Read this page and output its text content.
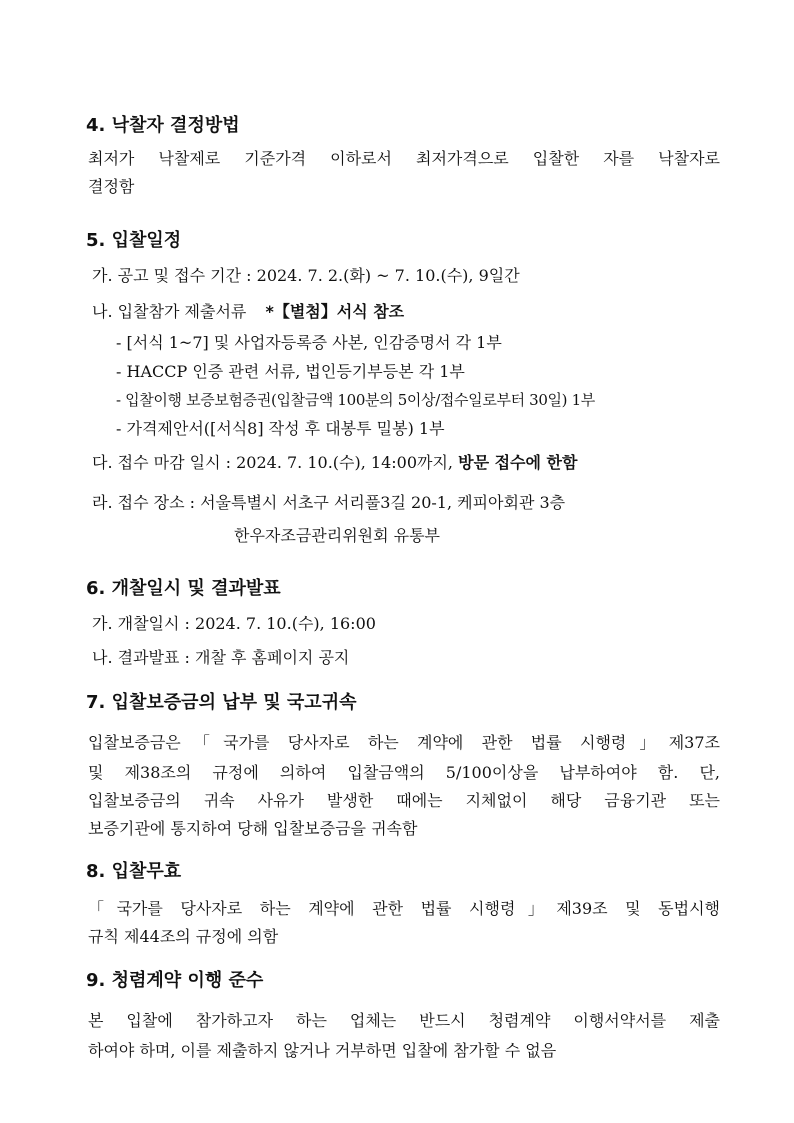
4. 낙찰자 결정방법

최저가 낙찰제로 기준가격 이하로서 최저가격으로 입찰한 자를 낙찰자로

결정함

5. 입찰일정

가. 공고 및 접수 기간 : 2024. 7. 2.(화) ~ 7. 10.(수), 9일간

나. 입찰참가 제출서류 *【별첨】서식 참조

- [서식 1~7] 및 사업자등록증 사본, 인감증명서 각 1부

- HACCP 인증 관련 서류, 법인등기부등본 각 1부

- 입찰이행 보증보험증권(입찰금액 100분의 5이상/접수일로부터 30일) 1부

- 가격제안서([서식8] 작성 후 대봉투 밀봉) 1부

다. 접수 마감 일시 : 2024. 7. 10.(수), 14:00까지, 방문 접수에 한함

라. 접수 장소 : 서울특별시 서초구 서리풀3길 20-1, 케피아회관 3층

한우자조금관리위원회 유통부

6. 개찰일시 및 결과발표

가. 개찰일시 : 2024. 7. 10.(수), 16:00

나. 결과발표 : 개찰 후 홈페이지 공지

7. 입찰보증금의 납부 및 국고귀속

입찰보증금은「국가를 당사자로 하는 계약에 관한 법률 시행령」제37조

및 제38조의 규정에 의하여 입찰금액의 5/100이상을 납부하여야 함. 단,

입찰보증금의 귀속 사유가 발생한 때에는 지체없이 해당 금융기관 또는

보증기관에 통지하여 당해 입찰보증금을 귀속함

8. 입찰무효

「국가를 당사자로 하는 계약에 관한 법률 시행령」제39조 및 동법시행

규칙 제44조의 규정에 의함

9. 청렴계약 이행 준수

본 입찰에 참가하고자 하는 업체는 반드시 청렴계약 이행서약서를 제출

하여야 하며, 이를 제출하지 않거나 거부하면 입찰에 참가할 수 없음
